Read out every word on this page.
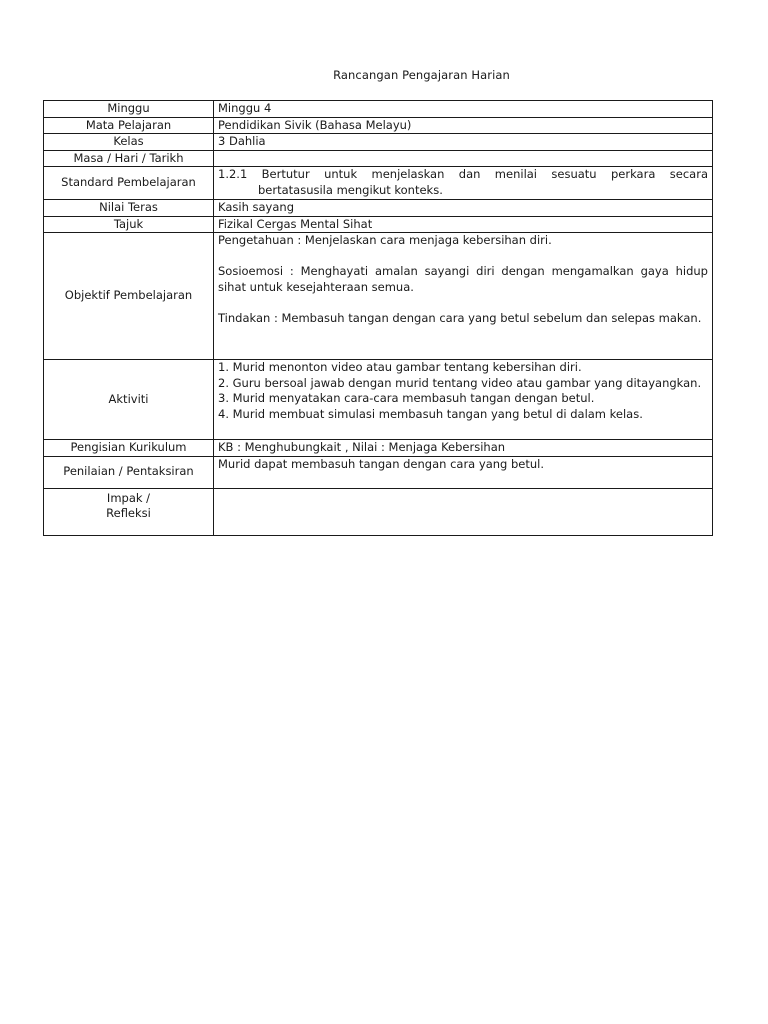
Rancangan Pengajaran Harian
Minggu	Minggu 4
Mata Pelajaran	Pendidikan Sivik (Bahasa Melayu)
Kelas	3 Dahlia
Masa / Hari / Tarikh	
Standard Pembelajaran	1.2.1 Bertutur untuk menjelaskan dan menilai sesuatu perkara secara
bertatasusila mengikut konteks.

Nilai Teras	Kasih sayang
Tajuk	Fizikal Cergas Mental Sihat
Objektif Pembelajaran	Pengetahuan : Menjelaskan cara menjaga kebersihan diri.
Sosioemosi : Menghayati amalan sayangi diri dengan mengamalkan gaya hidup sihat untuk kesejahteraan semua.
Tindakan : Membasuh tangan dengan cara yang betul sebelum dan selepas makan.

Aktiviti	1. Murid menonton video atau gambar tentang kebersihan diri.
2. Guru bersoal jawab dengan murid tentang video atau gambar yang ditayangkan.
3. Murid menyatakan cara-cara membasuh tangan dengan betul.
4. Murid membuat simulasi membasuh tangan yang betul di dalam kelas.

Pengisian Kurikulum	KB : Menghubungkait , Nilai : Menjaga Kebersihan
Penilaian / Pentaksiran	Murid dapat membasuh tangan dengan cara yang betul.

Impak /
Refleksi	
